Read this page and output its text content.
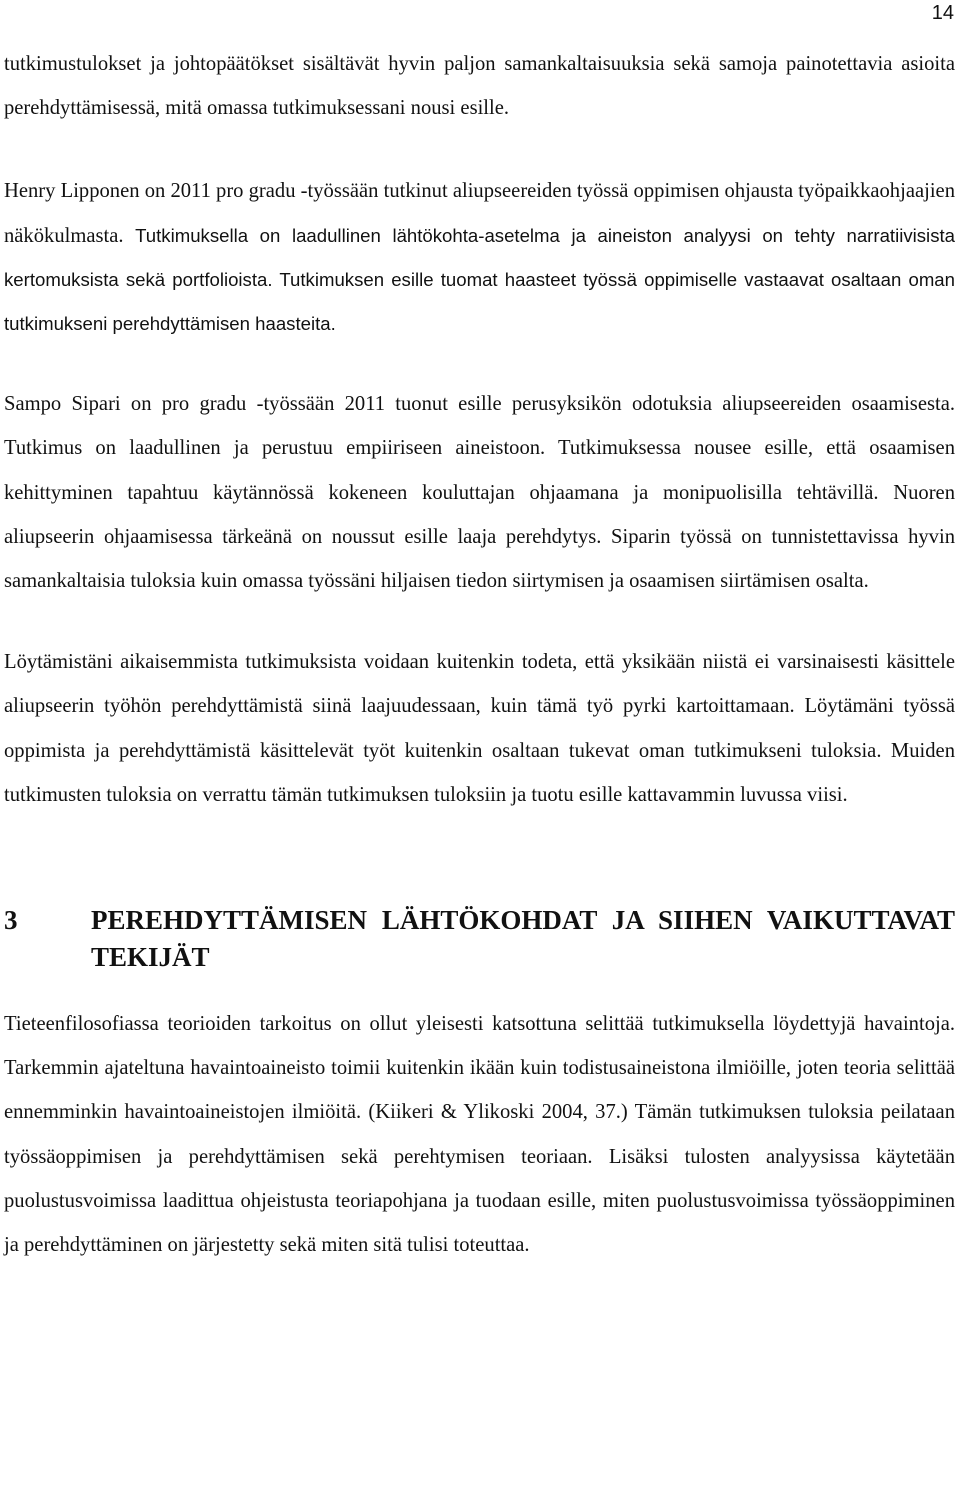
14

tutkimustulokset ja johtopäätökset sisältävät hyvin paljon samankaltaisuuksia sekä samoja painotettavia asioita perehdyttämisessä, mitä omassa tutkimuksessani nousi esille.

Henry Lipponen on 2011 pro gradu -työssään tutkinut aliupseereiden työssä oppimisen ohjausta työpaikkaohjaajien näkökulmasta. Tutkimuksella on laadullinen lähtökohta-asetelma ja aineiston analyysi on tehty narratiivisista kertomuksista sekä portfolioista. Tutkimuksen esille tuomat haasteet työssä oppimiselle vastaavat osaltaan oman tutkimukseni perehdyttämisen haasteita.

Sampo Sipari on pro gradu -työssään 2011 tuonut esille perusyksikön odotuksia aliupseereiden osaamisesta. Tutkimus on laadullinen ja perustuu empiiriseen aineistoon. Tutkimuksessa nousee esille, että osaamisen kehittyminen tapahtuu käytännössä kokeneen kouluttajan ohjaamana ja monipuolisilla tehtävillä. Nuoren aliupseerin ohjaamisessa tärkeänä on noussut esille laaja perehdytys. Siparin työssä on tunnistettavissa hyvin samankaltaisia tuloksia kuin omassa työssäni hiljaisen tiedon siirtymisen ja osaamisen siirtämisen osalta.

Löytämistäni aikaisemmista tutkimuksista voidaan kuitenkin todeta, että yksikään niistä ei varsinaisesti käsittele aliupseerin työhön perehdyttämistä siinä laajuudessaan, kuin tämä työ pyrki kartoittamaan. Löytämäni työssä oppimista ja perehdyttämistä käsittelevät työt kuitenkin osaltaan tukevat oman tutkimukseni tuloksia. Muiden tutkimusten tuloksia on verrattu tämän tutkimuksen tuloksiin ja tuotu esille kattavammin luvussa viisi.

3	PEREHDYTTÄMISEN LÄHTÖKOHDAT JA SIIHEN VAIKUTTAVAT TEKIJÄT

Tieteenfilosofiassa teorioiden tarkoitus on ollut yleisesti katsottuna selittää tutkimuksella löydettyjä havaintoja. Tarkemmin ajateltuna havaintoaineisto toimii kuitenkin ikään kuin todistusaineistona ilmiöille, joten teoria selittää ennemminkin havaintoaineistojen ilmiöitä. (Kiikeri & Ylikoski 2004, 37.) Tämän tutkimuksen tuloksia peilataan työssäoppimisen ja perehdyttämisen sekä perehtymisen teoriaan. Lisäksi tulosten analyysissa käytetään puolustusvoimissa laadittua ohjeistusta teoriapohjana ja tuodaan esille, miten puolustusvoimissa työssäoppiminen ja perehdyttäminen on järjestetty sekä miten sitä tulisi toteuttaa.
